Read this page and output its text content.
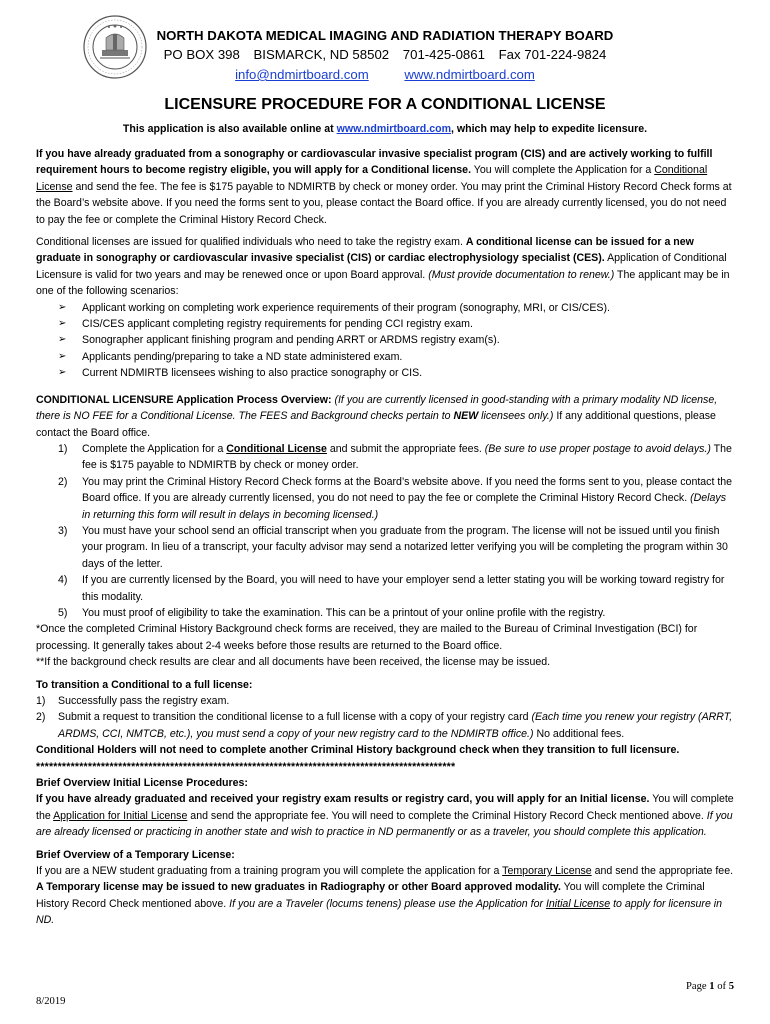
NORTH DAKOTA MEDICAL IMAGING AND RADIATION THERAPY BOARD
PO BOX 398 BISMARCK, ND 58502 701-425-0861 Fax 701-224-9824
info@ndmirtboard.com	www.ndmirtboard.com
LICENSURE PROCEDURE FOR A CONDITIONAL LICENSE
This application is also available online at www.ndmirtboard.com, which may help to expedite licensure.

If you have already graduated from a sonography or cardiovascular invasive specialist program (CIS) and are actively working to fulfill requirement hours to become registry eligible, you will apply for a Conditional license. You will complete the Application for a Conditional License and send the fee. The fee is $175 payable to NDMIRTB by check or money order. You may print the Criminal History Record Check forms at the Board’s website above. If you need the forms sent to you, please contact the Board office. If you are already currently licensed, you do not need to pay the fee or complete the Criminal History Record Check.

Conditional licenses are issued for qualified individuals who need to take the registry exam. A conditional license can be issued for a new graduate in sonography or cardiovascular invasive specialist (CIS) or cardiac electrophysiology specialist (CES). Application of Conditional Licensure is valid for two years and may be renewed once or upon Board approval. (Must provide documentation to renew.) The applicant may be in one of the following scenarios:

➢ Applicant working on completing work experience requirements of their program (sonography, MRI, or CIS/CES).
➢ CIS/CES applicant completing registry requirements for pending CCI registry exam.
➢ Sonographer applicant finishing program and pending ARRT or ARDMS registry exam(s).
➢ Applicants pending/preparing to take a ND state administered exam.
➢ Current NDMIRTB licensees wishing to also practice sonography or CIS.

CONDITIONAL LICENSURE Application Process Overview: (If you are currently licensed in good-standing with a primary modality ND license, there is NO FEE for a Conditional License. The FEES and Background checks pertain to NEW licensees only.) If any additional questions, please contact the Board office.

1) Complete the Application for a Conditional License and submit the appropriate fees. (Be sure to use proper postage to avoid delays.) The fee is $175 payable to NDMIRTB by check or money order.
2) You may print the Criminal History Record Check forms at the Board’s website above. If you need the forms sent to you, please contact the Board office. If you are already currently licensed, you do not need to pay the fee or complete the Criminal History Record Check. (Delays in returning this form will result in delays in becoming licensed.)
3) You must have your school send an official transcript when you graduate from the program. The license will not be issued until you finish your program. In lieu of a transcript, your faculty advisor may send a notarized letter verifying you will be completing the program within 30 days of the letter.
4) If you are currently licensed by the Board, you will need to have your employer send a letter stating you will be working toward registry for this modality.
5) You must proof of eligibility to take the examination. This can be a printout of your online profile with the registry.
*Once the completed Criminal History Background check forms are received, they are mailed to the Bureau of Criminal Investigation (BCI) for processing. It generally takes about 2-4 weeks before those results are returned to the Board office.
**If the background check results are clear and all documents have been received, the license may be issued.
To transition a Conditional to a full license:
1) Successfully pass the registry exam.
2) Submit a request to transition the conditional license to a full license with a copy of your registry card (Each time you renew your registry (ARRT, ARDMS, CCI, NMTCB, etc.), you must send a copy of your new registry card to the NDMIRTB office.) No additional fees.
Conditional Holders will not need to complete another Criminal History background check when they transition to full licensure.
*************************************************************************************************
Brief Overview Initial License Procedures:

If you have already graduated and received your registry exam results or registry card, you will apply for an Initial license. You will complete the Application for Initial License and send the appropriate fee. You will need to complete the Criminal History Record Check mentioned above. If you are already licensed or practicing in another state and wish to practice in ND permanently or as a traveler, you should complete this application.

Brief Overview of a Temporary License:

If you are a NEW student graduating from a training program you will complete the application for a Temporary License and send the appropriate fee. A Temporary license may be issued to new graduates in Radiography or other Board approved modality. You will complete the Criminal History Record Check mentioned above. If you are a Traveler (locums tenens) please use the Application for Initial License to apply for licensure in ND.

Page 1 of 5
8/2019
